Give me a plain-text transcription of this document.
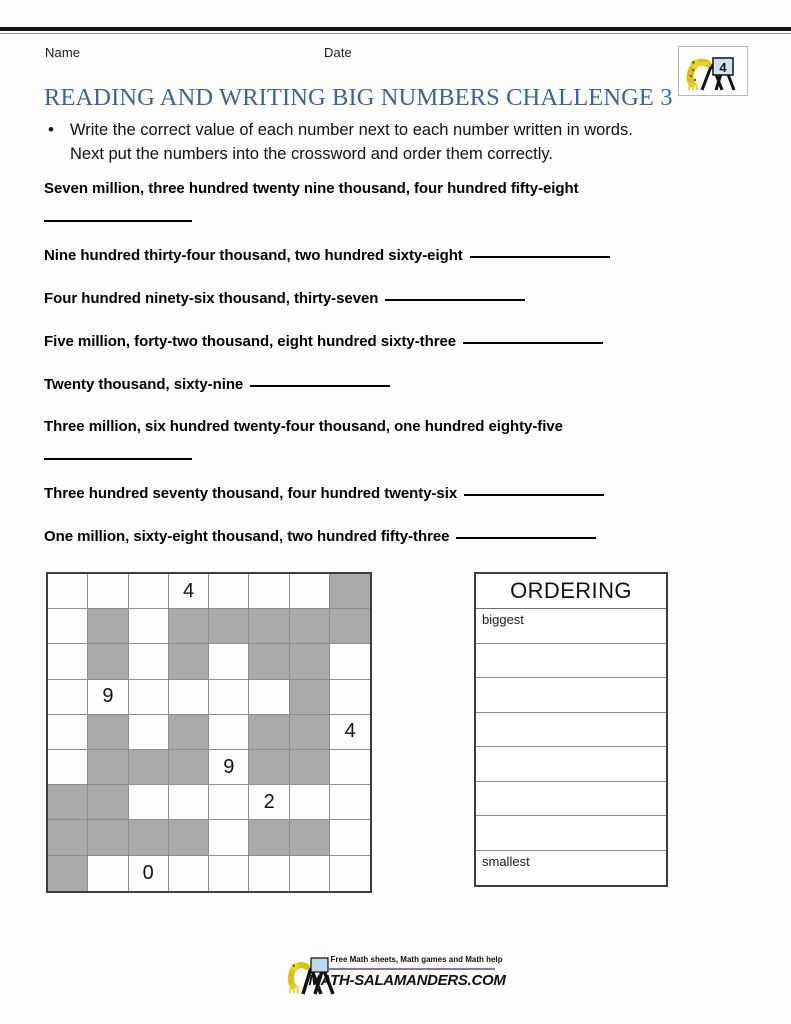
Name	Date
4
READING AND WRITING BIG NUMBERS CHALLENGE 3
• Write the correct value of each number next to each number written in words.
Next put the numbers into the crossword and order them correctly.
Seven million, three hundred twenty nine thousand, four hundred fifty-eight
Nine hundred thirty-four thousand, two hundred sixty-eight
Four hundred ninety-six thousand, thirty-seven
Five million, forty-two thousand, eight hundred sixty-three
Twenty thousand, sixty-nine
Three million, six hundred twenty-four thousand, one hundred eighty-five
Three hundred seventy thousand, four hundred twenty-six
One million, sixty-eight thousand, two hundred fifty-three
4
9
4
9
2
0
ORDERING
biggest
smallest
Free Math sheets, Math games and Math help
MATH-SALAMANDERS.COM
